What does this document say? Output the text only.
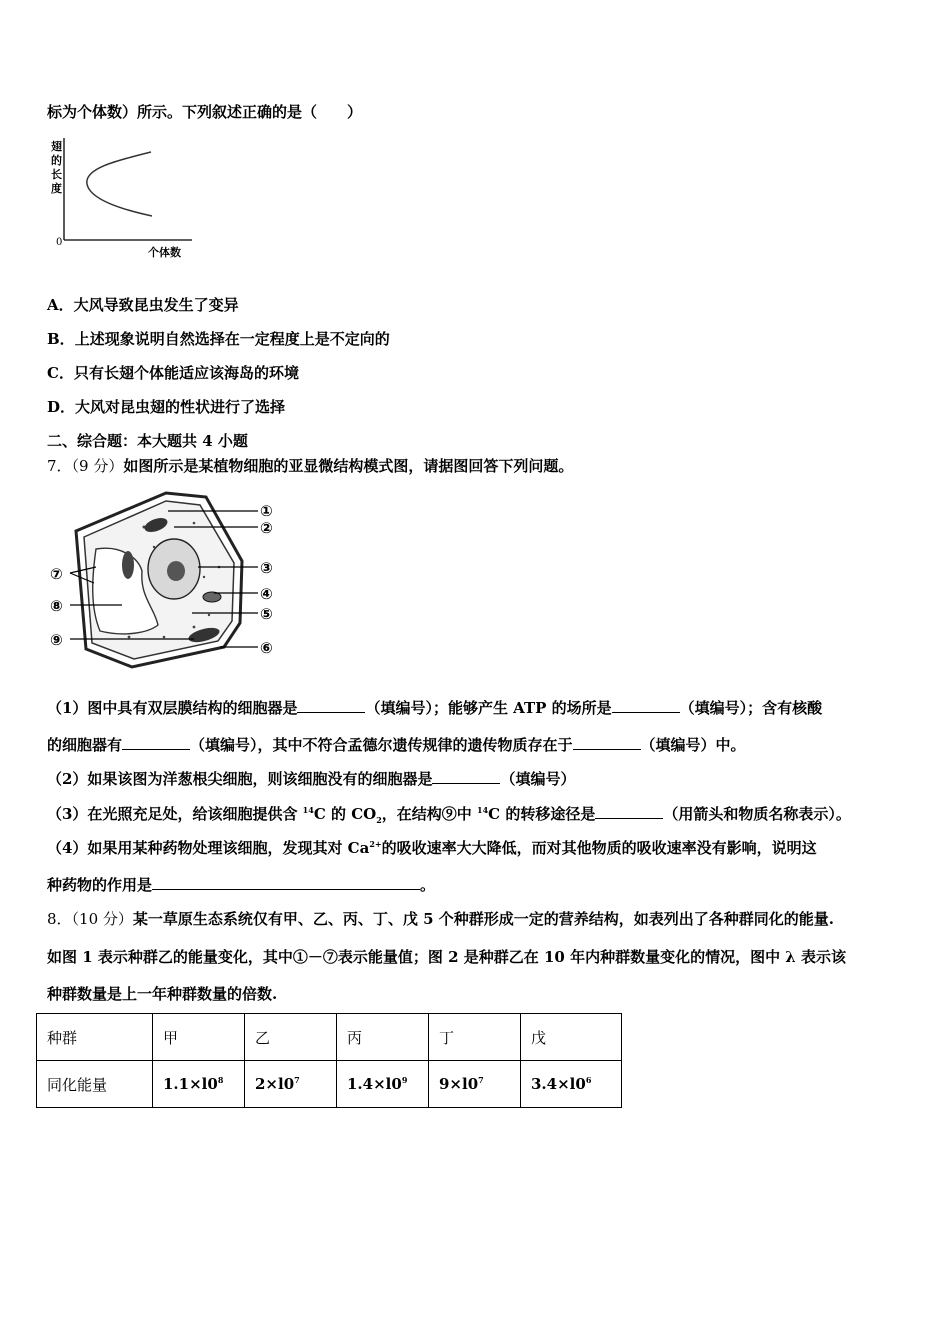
标为个体数）所示。下列叙述正确的是（　　）
翅
的
长
度
0
个体数
A．大风导致昆虫发生了变异
B．上述现象说明自然选择在一定程度上是不定向的
C．只有长翅个体能适应该海岛的环境
D．大风对昆虫翅的性状进行了选择
二、综合题：本大题共 4 小题
7．（9 分）如图所示是某植物细胞的亚显微结构模式图，请据图回答下列问题。
①
②
③
④
⑤
⑥
⑦
⑧
⑨
（1）图中具有双层膜结构的细胞器是	（填编号）；能够产生 ATP 的场所是	（填编号）；含有核酸
的细胞器有	（填编号），其中不符合孟德尔遗传规律的遗传物质存在于	（填编号）中。
（2）如果该图为洋葱根尖细胞，则该细胞没有的细胞器是	（填编号）
（3）在光照充足处，给该细胞提供含 $^{14}$C 的 $CO_2$，在结构⑨中 $^{14}$C 的转移途径是	（用箭头和物质名称表示）。
（4）如果用某种药物处理该细胞，发现其对 $Ca^{2+}$的吸收速率大大降低，而对其他物质的吸收速率没有影响，说明这
种药物的作用是	。
8．（10 分）某一草原生态系统仅有甲、乙、丙、丁、戊 5 个种群形成一定的营养结构，如表列出了各种群同化的能量.
如图 1 表示种群乙的能量变化，其中①－⑦表示能量值；图 2 是种群乙在 10 年内种群数量变化的情况，图中 λ 表示该
种群数量是上一年种群数量的倍数.
种群	甲	乙	丙	丁	戊
同化能量	$1.1\times l0^8$	$2\times l0^7$	$1.4\times l0^9$	$9\times l0^7$	$3.4\times l0^6$
